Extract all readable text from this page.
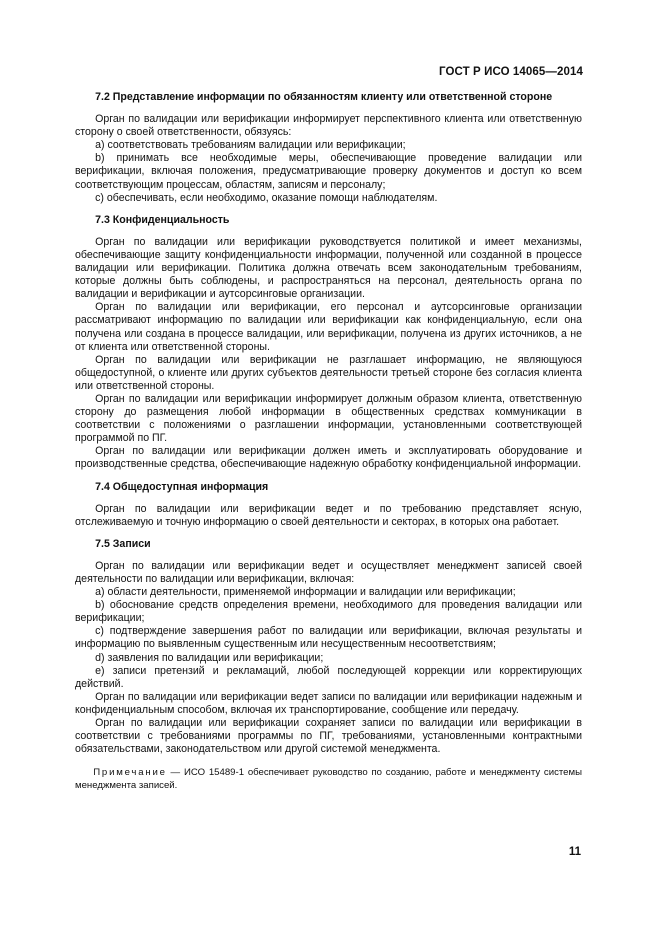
ГОСТ Р ИСО 14065—2014
7.2 Представление информации по обязанностям клиенту или ответственной стороне

Орган по валидации или верификации информирует перспективного клиента или ответственную сторону о своей ответственности, обязуясь:

a) соответствовать требованиям валидации или верификации;

b) принимать все необходимые меры, обеспечивающие проведение валидации или верификации, включая положения, предусматривающие проверку документов и доступ ко всем соответствующим процессам, областям, записям и персоналу;

c) обеспечивать, если необходимо, оказание помощи наблюдателям.

7.3 Конфиденциальность

Орган по валидации или верификации руководствуется политикой и имеет механизмы, обеспечивающие защиту конфиденциальности информации, полученной или созданной в процессе валидации или верификации. Политика должна отвечать всем законодательным требованиям, которые должны быть соблюдены, и распространяться на персонал, деятельность органа по валидации и верификации и аутсорсинговые организации.

Орган по валидации или верификации, его персонал и аутсорсинговые организации рассматривают информацию по валидации или верификации как конфиденциальную, если она получена или создана в процессе валидации, или верификации, получена из других источников, а не от клиента или ответственной стороны.

Орган по валидации или верификации не разглашает информацию, не являющуюся общедоступной, о клиенте или других субъектов деятельности третьей стороне без согласия клиента или ответственной стороны.

Орган по валидации или верификации информирует должным образом клиента, ответственную сторону до размещения любой информации в общественных средствах коммуникации в соответствии с положениями о разглашении информации, установленными соответствующей программой по ПГ.

Орган по валидации или верификации должен иметь и эксплуатировать оборудование и производственные средства, обеспечивающие надежную обработку конфиденциальной информации.

7.4 Общедоступная информация

Орган по валидации или верификации ведет и по требованию представляет ясную, отслеживаемую и точную информацию о своей деятельности и секторах, в которых она работает.

7.5 Записи

Орган по валидации или верификации ведет и осуществляет менеджмент записей своей деятельности по валидации или верификации, включая:

a) области деятельности, применяемой информации и валидации или верификации;

b) обоснование средств определения времени, необходимого для проведения валидации или верификации;

c) подтверждение завершения работ по валидации или верификации, включая результаты и информацию по выявленным существенным или несущественным несоответствиям;

d) заявления по валидации или верификации;

e) записи претензий и рекламаций, любой последующей коррекции или корректирующих действий.

Орган по валидации или верификации ведет записи по валидации или верификации надежным и конфиденциальным способом, включая их транспортирование, сообщение или передачу.

Орган по валидации или верификации сохраняет записи по валидации или верификации в соответствии с требованиями программы по ПГ, требованиями, установленными контрактными обязательствами, законодательством или другой системой менеджмента.

Примечание — ИСО 15489-1 обеспечивает руководство по созданию, работе и менеджменту системы менеджмента записей.
11
